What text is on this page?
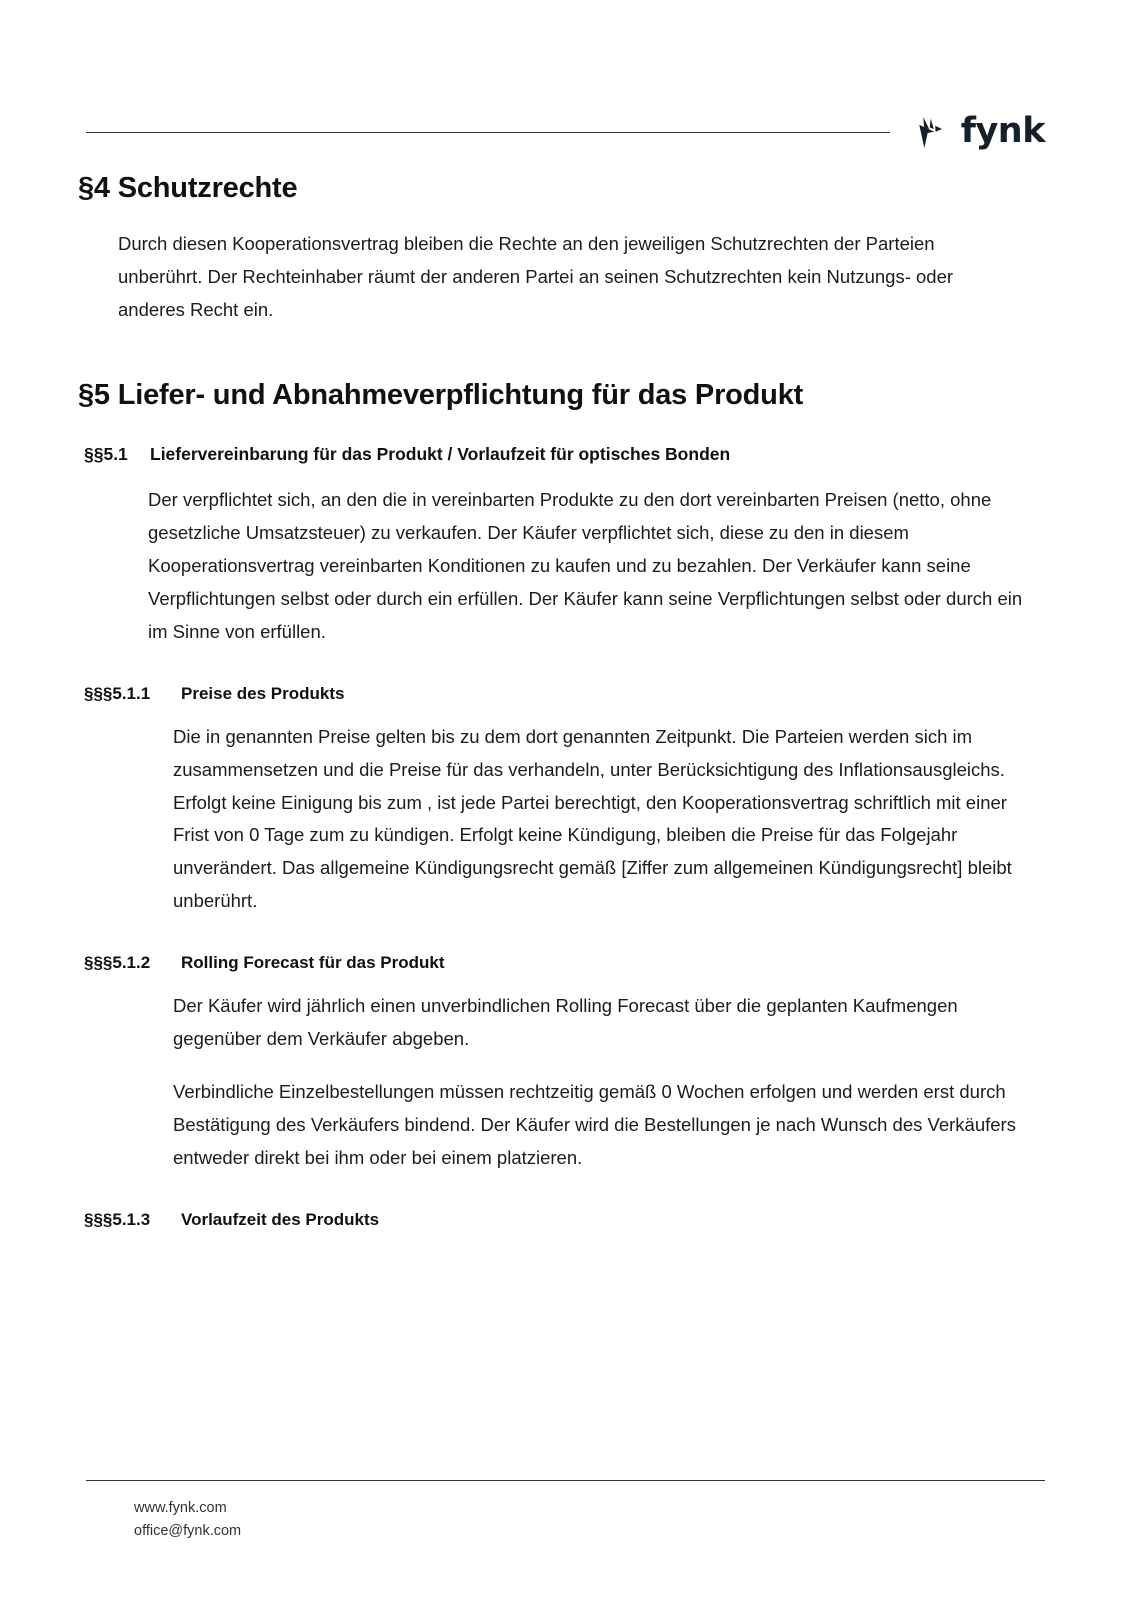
fynk
§4 Schutzrechte

Durch diesen Kooperationsvertrag bleiben die Rechte an den jeweiligen Schutzrechten der Parteien unberührt. Der Rechteinhaber räumt der anderen Partei an seinen Schutzrechten kein Nutzungs- oder anderes Recht ein.

§5 Liefer- und Abnahmeverpflichtung für das Produkt
§§5.1 Liefervereinbarung für das Produkt / Vorlaufzeit für optisches Bonden

Der verpflichtet sich, an den die in vereinbarten Produkte zu den dort vereinbarten Preisen (netto, ohne gesetzliche Umsatzsteuer) zu verkaufen. Der Käufer verpflichtet sich, diese zu den in diesem Kooperationsvertrag vereinbarten Konditionen zu kaufen und zu bezahlen. Der Verkäufer kann seine Verpflichtungen selbst oder durch ein erfüllen. Der Käufer kann seine Verpflichtungen selbst oder durch ein im Sinne von erfüllen.

§§§5.1.1 Preise des Produkts

Die in genannten Preise gelten bis zu dem dort genannten Zeitpunkt. Die Parteien werden sich im zusammensetzen und die Preise für das verhandeln, unter Berücksichtigung des Inflationsausgleichs. Erfolgt keine Einigung bis zum , ist jede Partei berechtigt, den Kooperationsvertrag schriftlich mit einer Frist von 0 Tage zum zu kündigen. Erfolgt keine Kündigung, bleiben die Preise für das Folgejahr unverändert. Das allgemeine Kündigungsrecht gemäß [Ziffer zum allgemeinen Kündigungsrecht] bleibt unberührt.

§§§5.1.2 Rolling Forecast für das Produkt

Der Käufer wird jährlich einen unverbindlichen Rolling Forecast über die geplanten Kaufmengen gegenüber dem Verkäufer abgeben.

Verbindliche Einzelbestellungen müssen rechtzeitig gemäß 0 Wochen erfolgen und werden erst durch Bestätigung des Verkäufers bindend. Der Käufer wird die Bestellungen je nach Wunsch des Verkäufers entweder direkt bei ihm oder bei einem platzieren.

§§§5.1.3 Vorlaufzeit des Produkts
www.fynk.com
office@fynk.com
